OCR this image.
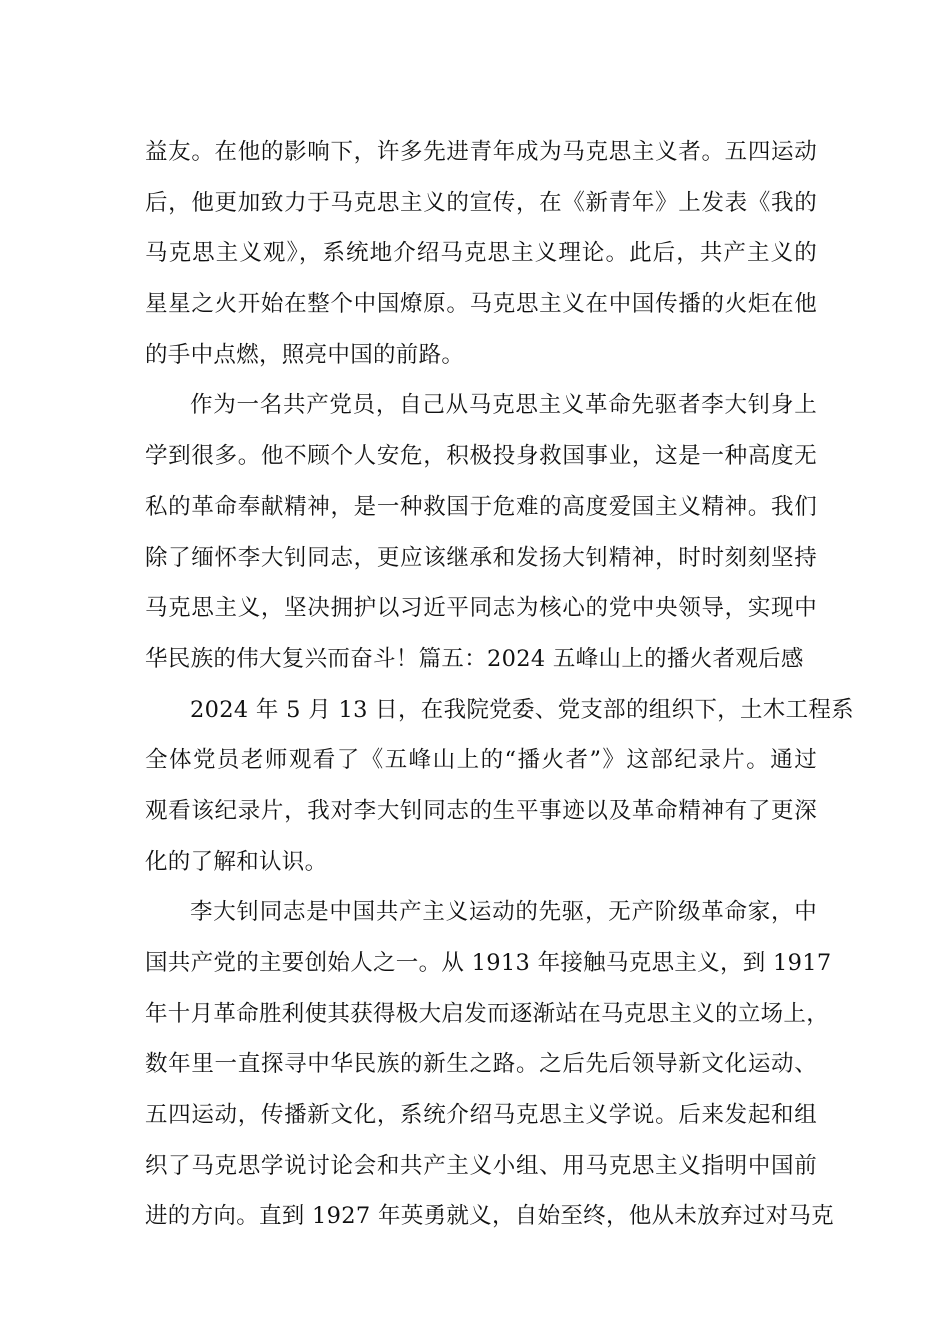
益友。在他的影响下，许多先进青年成为马克思主义者。五四运动
后，他更加致力于马克思主义的宣传，在《新青年》上发表《我的
马克思主义观》，系统地介绍马克思主义理论。此后，共产主义的
星星之火开始在整个中国燎原。马克思主义在中国传播的火炬在他
的手中点燃，照亮中国的前路。
作为一名共产党员，自己从马克思主义革命先驱者李大钊身上
学到很多。他不顾个人安危，积极投身救国事业，这是一种高度无
私的革命奉献精神，是一种救国于危难的高度爱国主义精神。我们
除了缅怀李大钊同志，更应该继承和发扬大钊精神，时时刻刻坚持
马克思主义，坚决拥护以习近平同志为核心的党中央领导，实现中
华民族的伟大复兴而奋斗！篇五：2024 五峰山上的播火者观后感
2024 年 5 月 13 日，在我院党委、党支部的组织下，土木工程系
全体党员老师观看了《五峰山上的“播火者”》这部纪录片。通过
观看该纪录片，我对李大钊同志的生平事迹以及革命精神有了更深
化的了解和认识。
李大钊同志是中国共产主义运动的先驱，无产阶级革命家，中
国共产党的主要创始人之一。从 1913 年接触马克思主义，到 1917
年十月革命胜利使其获得极大启发而逐渐站在马克思主义的立场上，
数年里一直探寻中华民族的新生之路。之后先后领导新文化运动、
五四运动，传播新文化，系统介绍马克思主义学说。后来发起和组
织了马克思学说讨论会和共产主义小组、用马克思主义指明中国前
进的方向。直到 1927 年英勇就义，自始至终，他从未放弃过对马克
